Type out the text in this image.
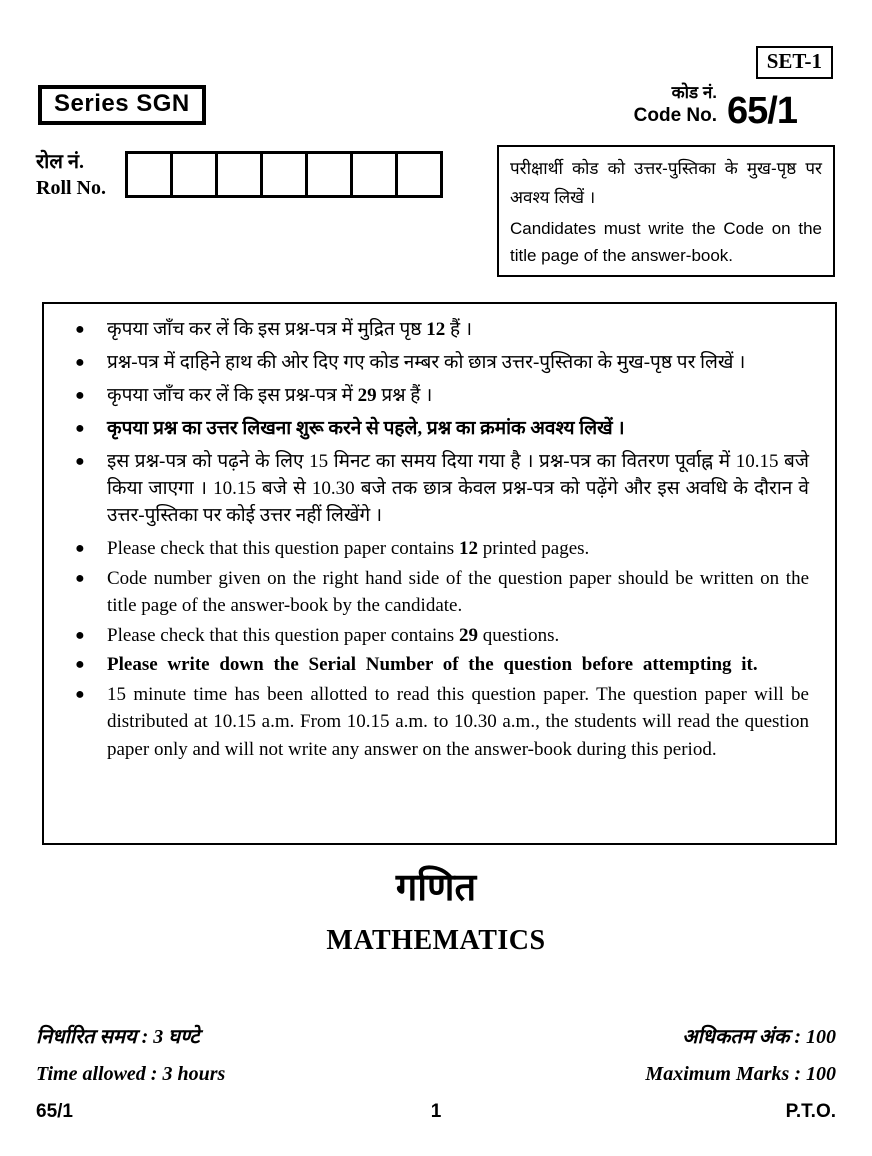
SET-1
Series SGN	कोड नं.
Code No. 65/1
रोल नं.
Roll No.

परीक्षार्थी कोड को उत्तर-पुस्तिका के मुख-पृष्ठ पर अवश्य लिखें ।

Candidates must write the Code on the title page of the answer-book.

● कृपया जाँच कर लें कि इस प्रश्न-पत्र में मुद्रित पृष्ठ 12 हैं ।
● प्रश्न-पत्र में दाहिने हाथ की ओर दिए गए कोड नम्बर को छात्र उत्तर-पुस्तिका के मुख-पृष्ठ पर लिखें ।
● कृपया जाँच कर लें कि इस प्रश्न-पत्र में 29 प्रश्न हैं ।
● कृपया प्रश्न का उत्तर लिखना शुरू करने से पहले, प्रश्न का क्रमांक अवश्य लिखें ।
● इस प्रश्न-पत्र को पढ़ने के लिए 15 मिनट का समय दिया गया है । प्रश्न-पत्र का वितरण पूर्वाह्न में 10.15 बजे किया जाएगा । 10.15 बजे से 10.30 बजे तक छात्र केवल प्रश्न-पत्र को पढ़ेंगे और इस अवधि के दौरान वे उत्तर-पुस्तिका पर कोई उत्तर नहीं लिखेंगे ।
● Please check that this question paper contains 12 printed pages.
● Code number given on the right hand side of the question paper should be written on the title page of the answer-book by the candidate.
● Please check that this question paper contains 29 questions.
● Please write down the Serial Number of the question before attempting it.
● 15 minute time has been allotted to read this question paper. The question paper will be distributed at 10.15 a.m. From 10.15 a.m. to 10.30 a.m., the students will read the question paper only and will not write any answer on the answer-book during this period.
गणित
MATHEMATICS
निर्धारित समय : 3 घण्टे	अधिकतम अंक : 100
Time allowed : 3 hours	Maximum Marks : 100
65/1	1	P.T.O.
